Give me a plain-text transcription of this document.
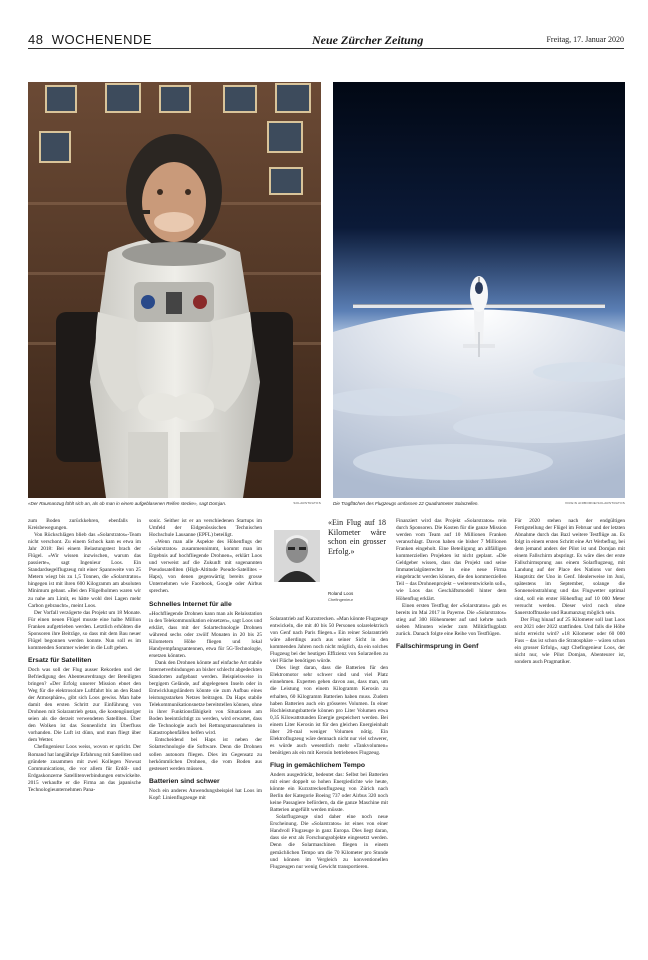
48 WOCHENENDE	Neue Zürcher Zeitung	Freitag, 17. Januar 2020
«Der Raumanzug fühlt sich an, als ob man in einem aufgeblasenen Reifen stecke», sagt Domjan.	SOLARSTRATOS	Die Tragflächen des Flugzeugs umfassen 22 Quadratmeter Solarzellen.	VIRGIN AIRBORNE/SOLARSTRATOS

zum Boden zurückkehren, ebenfalls in Kreisbewegungen.

Von Rückschlägen blieb das «Solarstratos»-Team nicht verschont. Zu einem Schock kam es etwa im Jahr 2018: Bei einem Belastungstest brach der Flügel. «Wir wissen inzwischen, warum das passierte», sagt Ingenieur Loos. Ein Standardsegelflugzeug mit einer Spannweite von 25 Metern wiegt bis zu 1,5 Tonnen, die «Solarstratos» hingegen ist mit ihren 600 Kilogramm am absoluten Minimum gebaut. «Bei den Flügelholmen waren wir zu nahe am Limit, es hätte wohl drei Lagen mehr Carbon gebraucht», meint Loos.

Der Vorfall verzögerte das Projekt um 18 Monate. Für einen neuen Flügel musste eine halbe Million Franken aufgetrieben werden. Letztlich erhöhten die Sponsoren ihre Beiträge, so dass mit dem Bau neuer Flügel begonnen werden konnte. Nun soll es im kommenden Sommer wieder in die Luft gehen.

Ersatz für Satelliten

Doch was soll der Flug ausser Rekorden und der Befriedigung des Abenteurerdrangs der Beteiligten bringen? «Der Erfolg unserer Mission ebnet den Weg für die elektrosolare Luftfahrt bis an den Rand der Atmosphäre», gibt sich Loos gewiss. Man habe damit den ersten Schritt zur Einführung von Drohnen mit Solarantrieb getan, die kostengünstiger seien als die derzeit verwendeten Satelliten. Über den Wolken ist das Sonnenlicht im Überfluss vorhanden. Die Luft ist dünn, und man fliegt über dem Wetter.

Chefingenieur Loos weiss, wovon er spricht. Der Romand hat langjährige Erfahrung mit Satelliten und gründete zusammen mit zwei Kollegen Nowsat Communications, die vor allem für Erdöl- und Erdgaskonzerne Satellitenverbindungen entwickelte. 2015 verkaufte er die Firma an das japanische Technologieunternehmen Pana-

sonic. Seither ist er an verschiedenen Startups im Umfeld der Eidgenössischen Technischen Hochschule Lausanne (EPFL) beteiligt.

«Wenn man alle Aspekte des Höhenflugs der ‹Solarstratos› zusammennimmt, kommt man im Ergebnis auf hochfliegende Drohnen», erklärt Loos und verweist auf die Zukunft mit sogenannten Pseudosatelliten (High-Altitude Pseudo-Satellites – Haps), von denen gegenwärtig bereits grosse Unternehmen wie Facebook, Google oder Airbus sprechen.

Schnelles Internet für alle

«Hochfliegende Drohnen kann man als Relaisstation in den Telekommunikation einsetzen», sagt Loos und erklärt, dass mit der Solartechnologie Drohnen während sechs oder zwölf Monaten in 20 bis 25 Kilometern Höhe fliegen und lokal Handyempfangsantennen, etwa für 5G-Technologie, ersetzen könnten.

Dank den Drohnen könnte auf einfache Art stabile Internetverbindungen an bisher schlecht abgedeckten Standorten aufgebaut werden. Beispielsweise in bergigem Gelände, auf abgelegenen Inseln oder in Entwicklungsländern könnte sie zum Aufbau eines leistungsstarken Netzes beitragen. Da Haps stabile Telekommunikationsnetze bereitstellen können, ohne in ihrer Funktionsfähigkeit von Situationen am Boden beeinträchtigt zu werden, wird erwartet, dass die Technologie auch bei Rettungsmassnahmen in Katastrophenfällen helfen wird.

Entscheidend bei Haps ist neben der Solartechnologie die Software. Denn die Drohnen sollen autonom fliegen. Dies im Gegensatz zu herkömmlichen Drohnen, die vom Boden aus gesteuert werden müssen.

Batterien sind schwer

Noch ein anderes Anwendungsbeispiel hat Loos im Kopf: Linienflugzeuge mit

«Ein Flug auf 18 Kilometer wäre schon ein grosser Erfolg.»
Roland Loos
Chefingenieur

Solarantrieb auf Kurzstrecken. «Man könnte Flugzeuge entwickeln, die mit 40 bis 50 Personen solarelektrisch von Genf nach Paris fliegen.» Ein reiner Solarantrieb wäre allerdings auch aus seiner Sicht in den kommenden Jahren noch nicht möglich, da ein solches Flugzeug bei der heutigen Effizienz von Solarzellen zu viel Fläche benötigen würde.

Dies liegt daran, dass die Batterien für den Elektromotor sehr schwer sind und viel Platz einnehmen. Experten gehen davon aus, dass man, um die Leistung von einem Kilogramm Kerosin zu erhalten, 60 Kilogramm Batterien haben muss. Zudem haben Batterien auch ein grösseres Volumen. In einer Hochleistungsbatterie können pro Liter Volumen etwa 0,35 Kilowattstunden Energie gespeichert werden. Bei einem Liter Kerosin ist für den gleichen Energieinhalt über 20-mal weniger Volumen nötig. Ein Elektroflugzeug wäre demnach nicht nur viel schwerer, es würde auch wesentlich mehr «Tankvolumen» benötigen als ein mit Kerosin betriebenes Flugzeug.

Flug in gemächlichem Tempo

Anders ausgedrückt, bedeutet das: Selbst bei Batterien mit einer doppelt so hohen Energiedichte wie heute, könnte ein Kurzstreckenflugzeug von Zürich nach Berlin der Kategorie Boeing 737 oder Airbus 320 noch keine Passagiere befördern, da die ganze Maschine mit Batterien angefüllt werden müsste.

Solarflugzeuge sind daher eine noch neue Erscheinung. Die «Solarstratos» ist eines von einer Handvoll Flugzeuge in ganz Europa. Dies liegt daran, dass sie erst als Forschungsobjekte eingesetzt werden. Denn die Solarmaschinen fliegen in einem gemächlichen Tempo um die 70 Kilometer pro Stunde und können im Vergleich zu konventionellen Flugzeugen nur wenig Gewicht transportieren.

Finanziert wird das Projekt «Solarstratos» rein durch Sponsoren. Die Kosten für die ganze Mission werden vom Team auf 10 Millionen Franken veranschlagt. Davon haben sie bisher 7 Millionen Franken eingeholt. Eine Beteiligung an allfälligen kommerziellen Projekten ist nicht geplant. «Die Geldgeber wissen, dass das Projekt und seine Immaterialgüterrechte in eine neue Firma eingebracht werden können, die den kommerziellen Teil – das Drohnenprojekt – weiterentwickeln soll», wie Loos das Geschäftsmodell hinter dem Höhenflug erklärt.

Einen ersten Testflug der «Solarstratos» gab es bereits im Mai 2017 in Payerne. Die «Solarstratos» stieg auf 300 Höhenmeter auf und kehrte nach sieben Minuten wieder zum Militärflugplatz zurück. Danach folgte eine Reihe von Testflügen.

Fallschirmsprung in Genf

Für 2020 stehen nach der endgültigen Fertigstellung der Flügel im Februar und der letzten Abnahme durch das Bazl weitere Testflüge an. Es folgt in einem ersten Schritt eine Art Werbeflug, bei dem jemand anders der Pilot ist und Domjan mit einem Fallschirm abspringt. Es wäre dies der erste Fallschirmsprung aus einem Solarflugzeug, mit Landung auf der Place des Nations vor dem Hauptsitz der Uno in Genf. Idealerweise im Juni, spätestens im September, solange die Sonneneinstrahlung und das Flugwetter optimal sind, soll ein erster Höhenflug auf 10 000 Meter versucht werden. Dieser wird noch ohne Sauerstoffmaske und Raumanzug möglich sein.

Der Flug hinauf auf 25 Kilometer soll laut Loos erst 2021 oder 2022 stattfinden. Und falls die Höhe nicht erreicht wird? «18 Kilometer oder 60 000 Fuss – das ist schon die Stratosphäre – wären schon ein grosser Erfolg», sagt Chefingenieur Loos, der nicht nur, wie Pilot Domjan, Abenteurer ist, sondern auch Pragmatiker.
